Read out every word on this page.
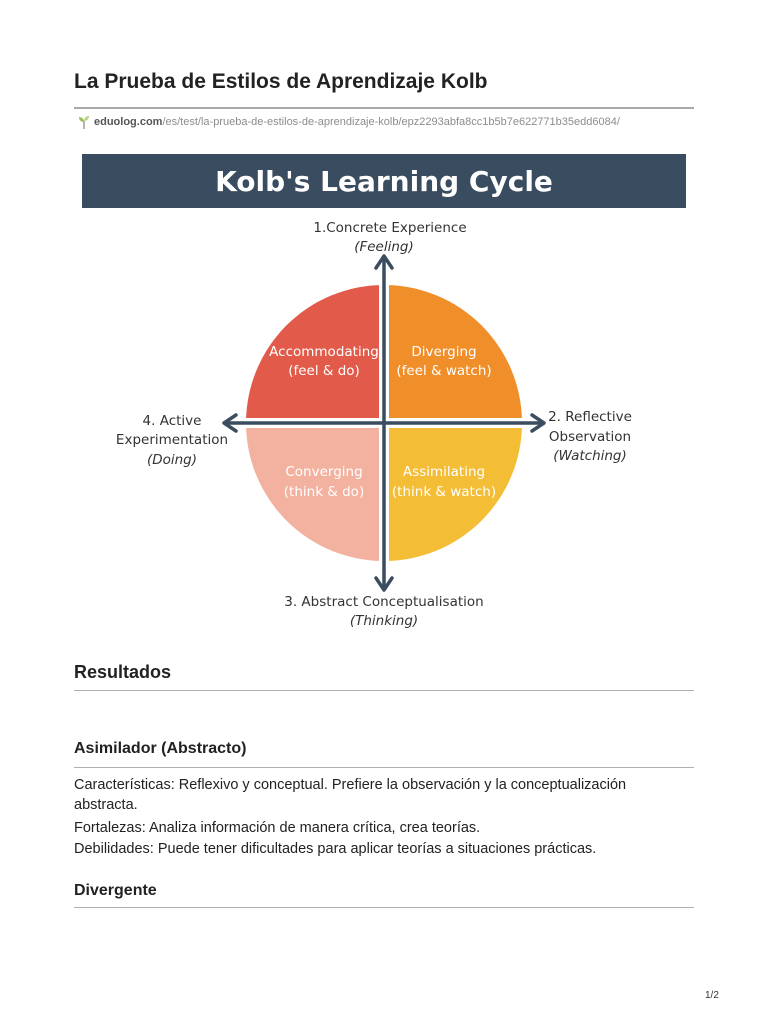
La Prueba de Estilos de Aprendizaje Kolb
eduolog.com/es/test/la-prueba-de-estilos-de-aprendizaje-kolb/epz2293abfa8cc1b5b7e622771b35edd6084/
Kolb's Learning Cycle
Accommodating
(feel & do)
Diverging
(feel & watch)
Converging
(think & do)
Assimilating
(think & watch)
1.Concrete Experience
(Feeling)
3. Abstract Conceptualisation
(Thinking)
4. Active
Experimentation
(Doing)
2. Reflective
Observation
(Watching)
Resultados
Asimilador (Abstracto)

Características: Reflexivo y conceptual. Prefiere la observación y la conceptualización abstracta.

Fortalezas: Analiza información de manera crítica, crea teorías.

Debilidades: Puede tener dificultades para aplicar teorías a situaciones prácticas.

Divergente
1/2
